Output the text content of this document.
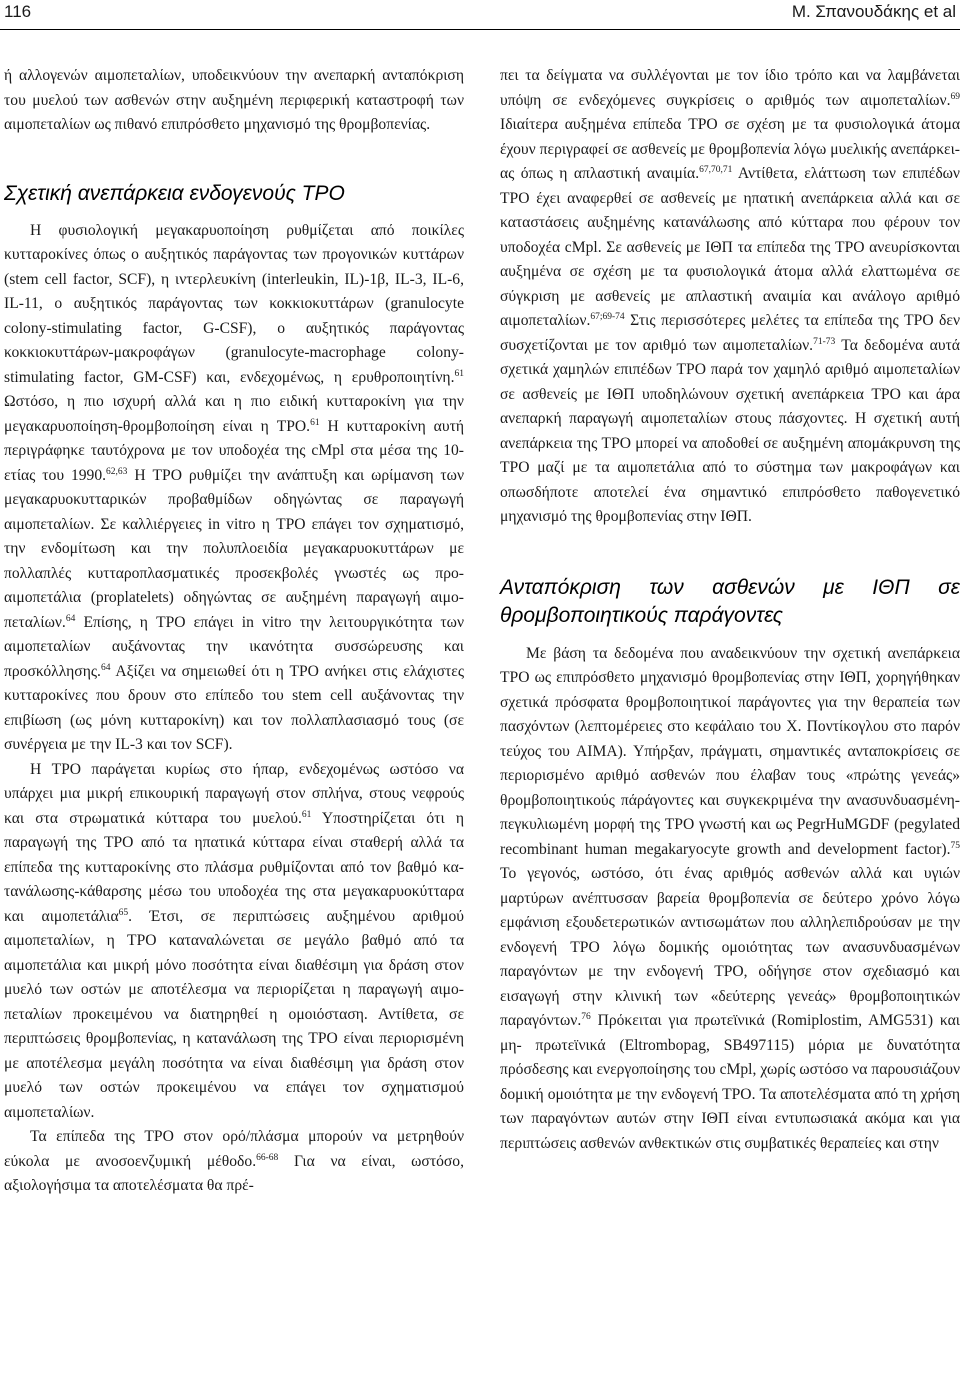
116	M. Σπανουδάκης et al

ή αλλογενών αιμοπεταλίων, υποδεικνύουν την ανεπαρκή ανταπόκριση του μυελού των ασθενών στην αυξημένη περιφερική καταστροφή των αιμοπεταλίων ως πιθανό επιπρόσθετο μηχανισμό της θρομβοπενίας.

Σχετική ανεπάρκεια ενδογενούς TPO

Η φυσιολογική μεγακαρυοποίηση ρυθμίζεται από ποικίλες κυτταροκίνες όπως ο αυξητικός παράγοντας των προγονικών κυττάρων (stem cell factor, SCF), η ιντερλευκίνη (interleukin, IL)-1β, IL-3, IL-6, IL-11, ο αυξητικός παράγοντας των κοκκιοκυττάρων (granulocyte colony-stimulating factor, G-CSF), ο αυξητικός παράγοντας κοκκιοκυττάρων-μακροφάγων (granulocyte-macrophage colony-stimulating factor, GM-CSF) και, ενδεχομένως, η ερυθροποιητίνη.$^{61}$ Ωστόσο, η πιο ισχυρή αλλά και η πιο ειδική κυτταροκίνη για την μεγακαρυοποίηση-θρομβοποίηση είναι η TPO.$^{61}$ Η κυτταροκίνη αυτή περιγράφηκε ταυτόχρονα με τον υποδοχέα της cMpl στα μέσα της 10-ετίας του 1990.$^{62,63}$ Η TPO ρυθμίζει την ανάπτυξη και ωρίμανση των μεγακαρυοκυτταρικών προβαθμίδων οδηγώντας σε παραγωγή αιμοπεταλίων. Σε καλλιέργειες in vitro η TPO επάγει τον σχηματισμό, την ενδομίτωση και την πολυπλοειδία μεγακαρυοκυττάρων με πολλαπλές κυτταροπλασματικές προσεκβολές γνωστές ως προ-αιμοπετάλια (proplatelets) οδηγώντας σε αυξημένη παραγωγή αιμοπεταλίων.$^{64}$ Επίσης, η TPO επάγει in vitro την λειτουργικότητα των αιμοπεταλίων αυξάνοντας την ικανότητα συσσώρευσης και προσκόλλησης.$^{64}$ Αξίζει να σημειωθεί ότι η TPO ανήκει στις ελάχιστες κυτταροκίνες που δρουν στο επίπεδο του stem cell αυξάνοντας την επιβίωση (ως μόνη κυτταροκίνη) και τον πολλαπλασιασμό τους (σε συνέργεια με την IL-3 και τον SCF).

Η TPO παράγεται κυρίως στο ήπαρ, ενδεχομένως ωστόσο να υπάρχει μια μικρή επικουρική παραγωγή στον σπλήνα, στους νεφρούς και στα στρωματικά κύτταρα του μυελού.$^{61}$ Υποστηρίζεται ότι η παραγωγή της TPO από τα ηπατικά κύτταρα είναι σταθερή αλλά τα επίπεδα της κυτταροκίνης στο πλάσμα ρυθμίζονται από τον βαθμό κατανάλωσης-κάθαρσης μέσω του υποδοχέα της στα μεγακαρυοκύτταρα και αιμοπετάλια$^{65}$. Έτσι, σε περιπτώσεις αυξημένου αριθμού αιμοπεταλίων, η TPO καταναλώνεται σε μεγάλο βαθμό από τα αιμοπετάλια και μικρή μόνο ποσότητα είναι διαθέσιμη για δράση στον μυελό των οστών με αποτέλεσμα να περιορίζεται η παραγωγή αιμοπεταλίων προκειμένου να διατηρηθεί η ομοιόσταση. Αντίθετα, σε περιπτώσεις θρομβοπενίας, η κατανάλωση της TPO είναι περιορισμένη με αποτέλεσμα μεγάλη ποσότητα να είναι διαθέσιμη για δράση στον μυελό των οστών προκειμένου να επάγει τον σχηματισμού αιμοπεταλίων.

Τα επίπεδα της TPO στον ορό/πλάσμα μπορούν να μετρηθούν εύκολα με ανοσοενζυμική μέθοδο.$^{66-68}$ Για να είναι, ωστόσο, αξιολογήσιμα τα αποτελέσματα θα πρέ-

πει τα δείγματα να συλλέγονται με τον ίδιο τρόπο και να λαμβάνεται υπόψη σε ενδεχόμενες συγκρίσεις ο αριθμός των αιμοπεταλίων.$^{69}$ Ιδιαίτερα αυξημένα επίπεδα TPO σε σχέση με τα φυσιολογικά άτομα έχουν περιγραφεί σε ασθενείς με θρομβοπενία λόγω μυελικής ανεπάρκειας όπως η απλαστική αναιμία.$^{67,70,71}$ Αντίθετα, ελάττωση των επιπέδων TPO έχει αναφερθεί σε ασθενείς με ηπατική ανεπάρκεια αλλά και σε καταστάσεις αυξημένης κατανάλωσης από κύτταρα που φέρουν τον υποδοχέα cMpl. Σε ασθενείς με ΙΘΠ τα επίπεδα της TPO ανευρίσκονται αυξημένα σε σχέση με τα φυσιολογικά άτομα αλλά ελαττωμένα σε σύγκριση με ασθενείς με απλαστική αναιμία και ανάλογο αριθμό αιμοπεταλίων.$^{67;69-74}$ Στις περισσότερες μελέτες τα επίπεδα της TPO δεν συσχετίζονται με τον αριθμό των αιμοπεταλίων.$^{71-73}$ Τα δεδομένα αυτά σχετικά χαμηλών επιπέδων TPO παρά τον χαμηλό αριθμό αιμοπεταλίων σε ασθενείς με ΙΘΠ υποδηλώνουν σχετική ανεπάρκεια TPO και άρα ανεπαρκή παραγωγή αιμοπεταλίων στους πάσχοντες. Η σχετική αυτή ανεπάρκεια της TPO μπορεί να αποδοθεί σε αυξημένη απομάκρυνση της TPO μαζί με τα αιμοπετάλια από το σύστημα των μακροφάγων και οπωσδήποτε αποτελεί ένα σημαντικό επιπρόσθετο παθογενετικό μηχανισμό της θρομβοπενίας στην ΙΘΠ.

Ανταπόκριση των ασθενών με ΙΘΠ σε θρομβοποιητικούς παράγοντες

Με βάση τα δεδομένα που αναδεικνύουν την σχετική ανεπάρκεια TPO ως επιπρόσθετο μηχανισμό θρομβοπενίας στην ΙΘΠ, χορηγήθηκαν σχετικά πρόσφατα θρομβοποιητικοί παράγοντες για την θεραπεία των πασχόντων (λεπτομέρειες στο κεφάλαιο του Χ. Ποντίκογλου στο παρόν τεύχος του ΑΙΜΑ). Υπήρξαν, πράγματι, σημαντικές ανταποκρίσεις σε περιορισμένο αριθμό ασθενών που έλαβαν τους «πρώτης γενεάς» θρομβοποιητικούς πάράγοντες και συγκεκριμένα την ανασυνδυασμένη-πεγκυλιωμένη μορφή της TPO γνωστή και ως PegrHuMGDF (pegylated recombinant human megakaryocyte growth and development factor).$^{75}$ Το γεγονός, ωστόσο, ότι ένας αριθμός ασθενών αλλά και υγιών μαρτύρων ανέπτυσσαν βαρεία θρομβοπενία σε δεύτερο χρόνο λόγω εμφάνιση εξουδετερωτικών αντισωμάτων που αλληλεπιδρούσαν με την ενδογενή TPO λόγω δομικής ομοιότητας των ανασυνδυασμένων παραγόντων με την ενδογενή TPO, οδήγησε στον σχεδιασμό και εισαγωγή στην κλινική των «δεύτερης γενεάς» θρομβοποιητικών παραγόντων.$^{76}$ Πρόκειται για πρωτεϊνικά (Romiplostim, AMG531) και μη- πρωτεϊνικά (Eltrombopag, SB497115) μόρια με δυνατότητα πρόσδεσης και ενεργοποίησης του cMpl, χωρίς ωστόσο να παρουσιάζουν δομική ομοιότητα με την ενδογενή TPO. Τα αποτελέσματα από τη χρήση των παραγόντων αυτών στην ΙΘΠ είναι εντυπωσιακά ακόμα και για περιπτώσεις ασθενών ανθεκτικών στις συμβατικές θεραπείες και στην
